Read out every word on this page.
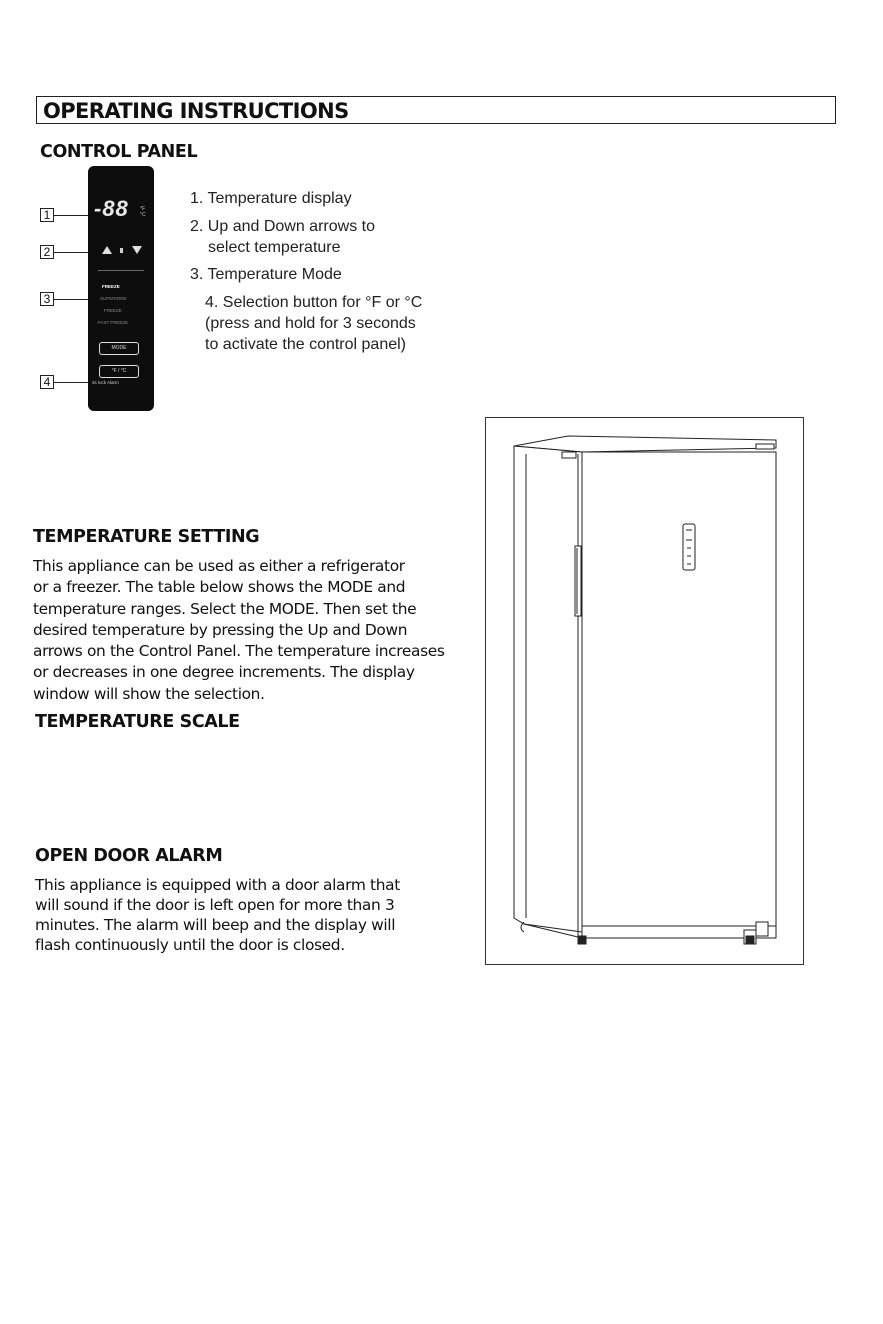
OPERATING INSTRUCTIONS
CONTROL PANEL
1
2
3
4
-88 °F °C
FREEZE
SUPERIORE
FREEZE
FAST FREEZE
MODE
°F / °C
3s lock Alarm
1. Temperature display
2. Up and Down arrows to
select temperature
3. Temperature Mode
4. Selection button for °F or °C
(press and hold for 3 seconds
to activate the control panel)
TEMPERATURE SETTING
This appliance can be used as either a refrigerator
or a freezer. The table below shows the MODE and
temperature ranges. Select the MODE. Then set the
desired temperature by pressing the Up and Down
arrows on the Control Panel. The temperature increases
or decreases in one degree increments. The display
window will show the selection.
TEMPERATURE SCALE
OPEN DOOR ALARM
This appliance is equipped with a door alarm that
will sound if the door is left open for more than 3
minutes. The alarm will beep and the display will
flash continuously until the door is closed.
